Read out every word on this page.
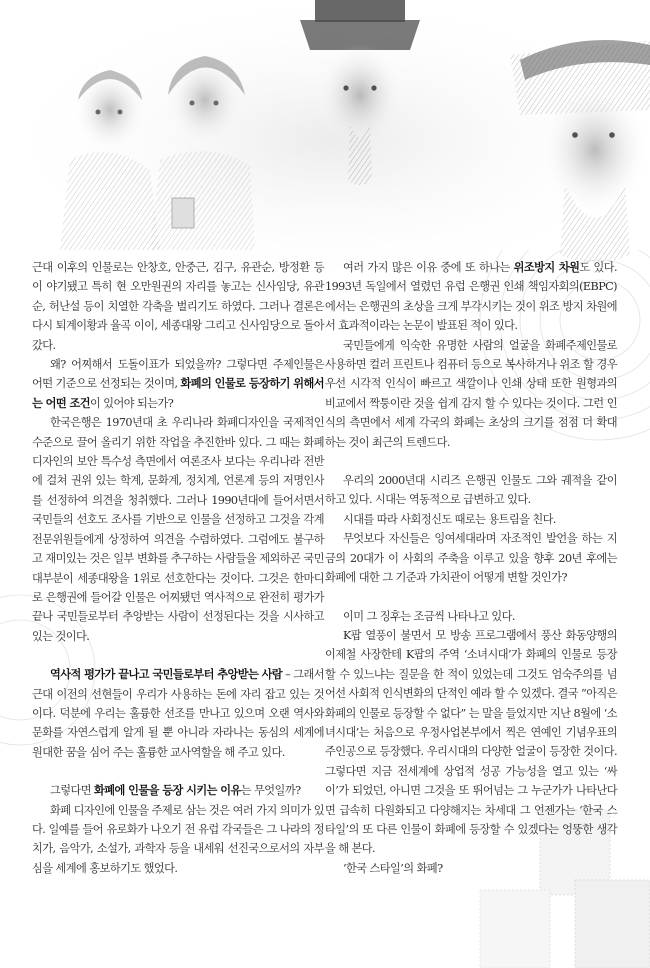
근대 이후의 인물로는 안창호, 안중근, 김구, 유관순, 방정환 등이 야기됐고 특히 현 오만원권의 자리를 놓고는 신사임당, 유관순, 허난설 등이 치열한 각축을 벌리기도 하였다. 그러나 결론은 다시 퇴계이황과 율곡 이이, 세종대왕 그리고 신사임당으로 돌아갔다.

왜? 어찌해서 도돌이표가 되었을까? 그렇다면 주제인물은 어떤 기준으로 선정되는 것이며, 화폐의 인물로 등장하기 위해서는 어떤 조건이 있어야 되는가?

한국은행은 1970년대 초 우리나라 화폐디자인을 국제적인 수준으로 끌어 올리기 위한 작업을 추진한바 있다. 그 때는 화폐디자인의 보안 특수성 측면에서 여론조사 보다는 우리나라 전반에 걸쳐 권위 있는 학계, 문화계, 정치계, 언론계 등의 저명인사를 선정하여 의견을 청취했다. 그러나 1990년대에 들어서면서 국민들의 선호도 조사를 기반으로 인물을 선정하고 그것을 각계 전문위원들에게 상정하여 의견을 수렴하였다. 그럼에도 불구하고 재미있는 것은 일부 변화를 추구하는 사람들을 제외하곤 국민 대부분이 세종대왕을 1위로 선호한다는 것이다. 그것은 한마디로 은행권에 들어갈 인물은 어찌됐던 역사적으로 완전히 평가가 끝나 국민들로부터 추앙받는 사람이 선정된다는 것을 시사하고 있는 것이다.

역사적 평가가 끝나고 국민들로부터 추앙받는 사람 – 그래서 근대 이전의 선현들이 우리가 사용하는 돈에 자리 잡고 있는 것이다. 덕분에 우리는 훌륭한 선조를 만나고 있으며 오랜 역사와 문화를 자연스럽게 알게 될 뿐 아니라 자라나는 동심의 세계에 원대한 꿈을 심어 주는 훌륭한 교사역할을 해 주고 있다.

그렇다면 화폐에 인물을 등장 시키는 이유는 무엇일까?

화폐 디자인에 인물을 주제로 삼는 것은 여러 가지 의미가 있다. 일예를 들어 유로화가 나오기 전 유럽 각국들은 그 나라의 정치가, 음악가, 소설가, 과학자 등을 내세워 선진국으로서의 자부심을 세계에 홍보하기도 했었다.

여러 가지 많은 이유 중에 또 하나는 위조방지 차원도 있다. 1993년 독일에서 열렸던 유럽 은행권 인쇄 책임자회의(EBPC)에서는 은행권의 초상을 크게 부각시키는 것이 위조 방지 차원에서 효과적이라는 논문이 발표된 적이 있다.

국민들에게 익숙한 유명한 사람의 얼굴을 화폐주제인물로 사용하면 컬러 프린트나 컴퓨터 등으로 복사하거나 위조 할 경우 우선 시각적 인식이 빠르고 색깔이나 인쇄 상태 또한 원형과의 비교에서 짝퉁이란 것을 쉽게 감지 할 수 있다는 것이다. 그런 인식의 측면에서 세계 각국의 화폐는 초상의 크기를 점점 더 확대하는 것이 최근의 트렌드다.

우리의 2000년대 시리즈 은행권 인물도 그와 궤적을 같이 하고 있다. 시대는 역동적으로 급변하고 있다.

시대를 따라 사회정신도 때로는 용트림을 친다.

무엇보다 자신들은 잉여세대라며 자조적인 발언을 하는 지금의 20대가 이 사회의 주축을 이루고 있을 향후 20년 후에는 화폐에 대한 그 기준과 가치관이 어떻게 변할 것인가?

이미 그 징후는 조금씩 나타나고 있다.

K팝 열풍이 불면서 모 방송 프로그램에서 풍산 화동양행의 이제철 사장한테 K팝의 주역 ‘소녀시대’가 화폐의 인물로 등장 할 수 있느냐는 질문을 한 적이 있었는데 그것도 엄숙주의를 넘어선 사회적 인식변화의 단적인 예라 할 수 있겠다. 결국 “아직은 화폐의 인물로 등장할 수 없다” 는 말을 들었지만 지난 8월에 ‘소녀시대’는 처음으로 우정사업본부에서 찍은 연예인 기념우표의 주인공으로 등장했다. 우리시대의 다양한 얼굴이 등장한 것이다. 그렇다면 지금 전세계에 상업적 성공 가능성을 열고 있는 ‘싸이’가 되었던, 아니면 그것을 또 뛰어넘는 그 누군가가 나타난다면 급속히 다원화되고 다양해지는 차세대 그 언젠가는 ‘한국 스타일’의 또 다른 인물이 화폐에 등장할 수 있겠다는 엉뚱한 생각을 해 본다.

‘한국 스타일’의 화폐?
